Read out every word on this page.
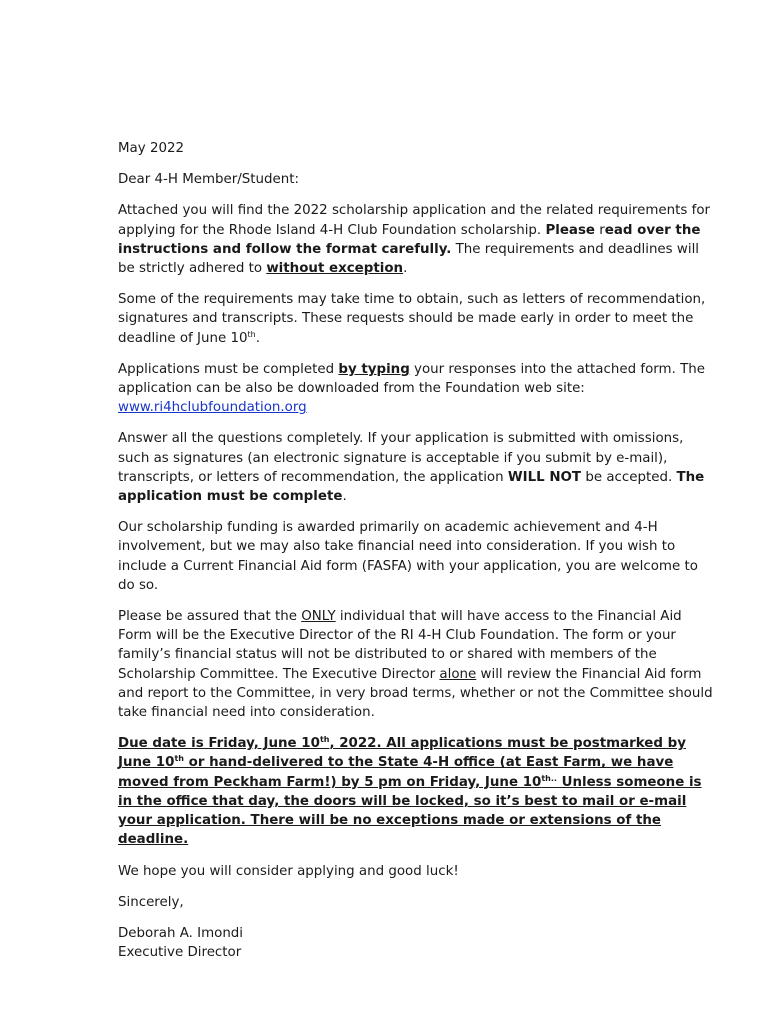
May 2022

Dear 4-H Member/Student:

Attached you will find the 2022 scholarship application and the related requirements for applying for the Rhode Island 4-H Club Foundation scholarship. Please read over the instructions and follow the format carefully. The requirements and deadlines will be strictly adhered to without exception.

Some of the requirements may take time to obtain, such as letters of recommendation, signatures and transcripts. These requests should be made early in order to meet the deadline of June 10th.

Applications must be completed by typing your responses into the attached form. The application can be also be downloaded from the Foundation web site: www.ri4hclubfoundation.org

Answer all the questions completely. If your application is submitted with omissions, such as signatures (an electronic signature is acceptable if you submit by e-mail), transcripts, or letters of recommendation, the application WILL NOT be accepted. The application must be complete.

Our scholarship funding is awarded primarily on academic achievement and 4-H involvement, but we may also take financial need into consideration. If you wish to include a Current Financial Aid form (FASFA) with your application, you are welcome to do so.

Please be assured that the ONLY individual that will have access to the Financial Aid Form will be the Executive Director of the RI 4-H Club Foundation. The form or your family’s financial status will not be distributed to or shared with members of the Scholarship Committee. The Executive Director alone will review the Financial Aid form and report to the Committee, in very broad terms, whether or not the Committee should take financial need into consideration.

Due date is Friday, June 10th, 2022. All applications must be postmarked by June 10th or hand-delivered to the State 4-H office (at East Farm, we have moved from Peckham Farm!) by 5 pm on Friday, June $10^{th..}$ Unless someone is in the office that day, the doors will be locked, so it’s best to mail or e-mail your application. There will be no exceptions made or extensions of the deadline.

We hope you will consider applying and good luck!

Sincerely,

Deborah A. Imondi

Executive Director
